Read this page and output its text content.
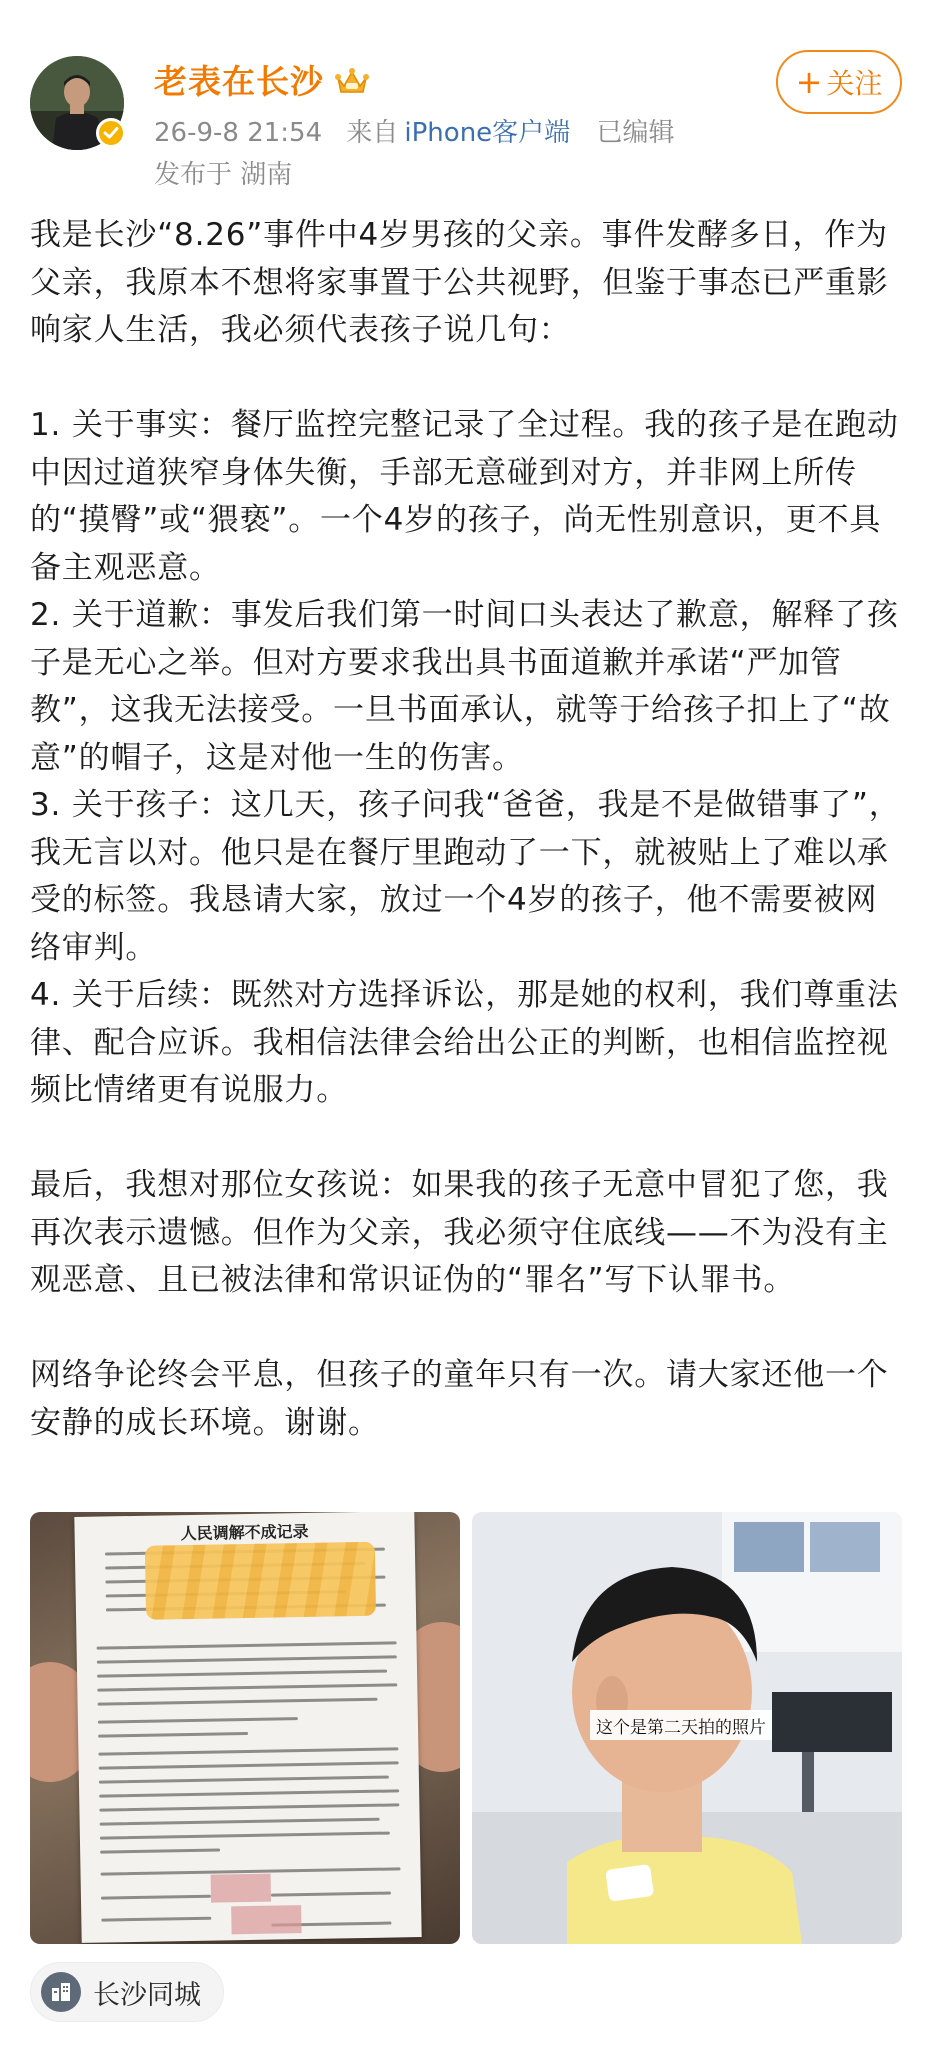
老表在长沙
26-9-8 21:54 来自 iPhone客户端 已编辑
发布于 湖南
+ 关注

我是长沙“8.26”事件中4岁男孩的父亲。事件发酵多日，作为父亲，我原本不想将家事置于公共视野，但鉴于事态已严重影响家人生活，我必须代表孩子说几句：

1. 关于事实：餐厅监控完整记录了全过程。我的孩子是在跑动中因过道狭窄身体失衡，手部无意碰到对方，并非网上所传的“摸臀”或“猥亵”。一个4岁的孩子，尚无性别意识，更不具备主观恶意。

2. 关于道歉：事发后我们第一时间口头表达了歉意，解释了孩子是无心之举。但对方要求我出具书面道歉并承诺“严加管教”，这我无法接受。一旦书面承认，就等于给孩子扣上了“故意”的帽子，这是对他一生的伤害。

3. 关于孩子：这几天，孩子问我“爸爸，我是不是做错事了”，我无言以对。他只是在餐厅里跑动了一下，就被贴上了难以承受的标签。我恳请大家，放过一个4岁的孩子，他不需要被网络审判。

4. 关于后续：既然对方选择诉讼，那是她的权利，我们尊重法律、配合应诉。我相信法律会给出公正的判断，也相信监控视频比情绪更有说服力。

最后，我想对那位女孩说：如果我的孩子无意中冒犯了您，我再次表示遗憾。但作为父亲，我必须守住底线——不为没有主观恶意、且已被法律和常识证伪的“罪名”写下认罪书。

网络争论终会平息，但孩子的童年只有一次。请大家还他一个安静的成长环境。谢谢。

人民调解不成记录
这个是第二天拍的照片
长沙同城
